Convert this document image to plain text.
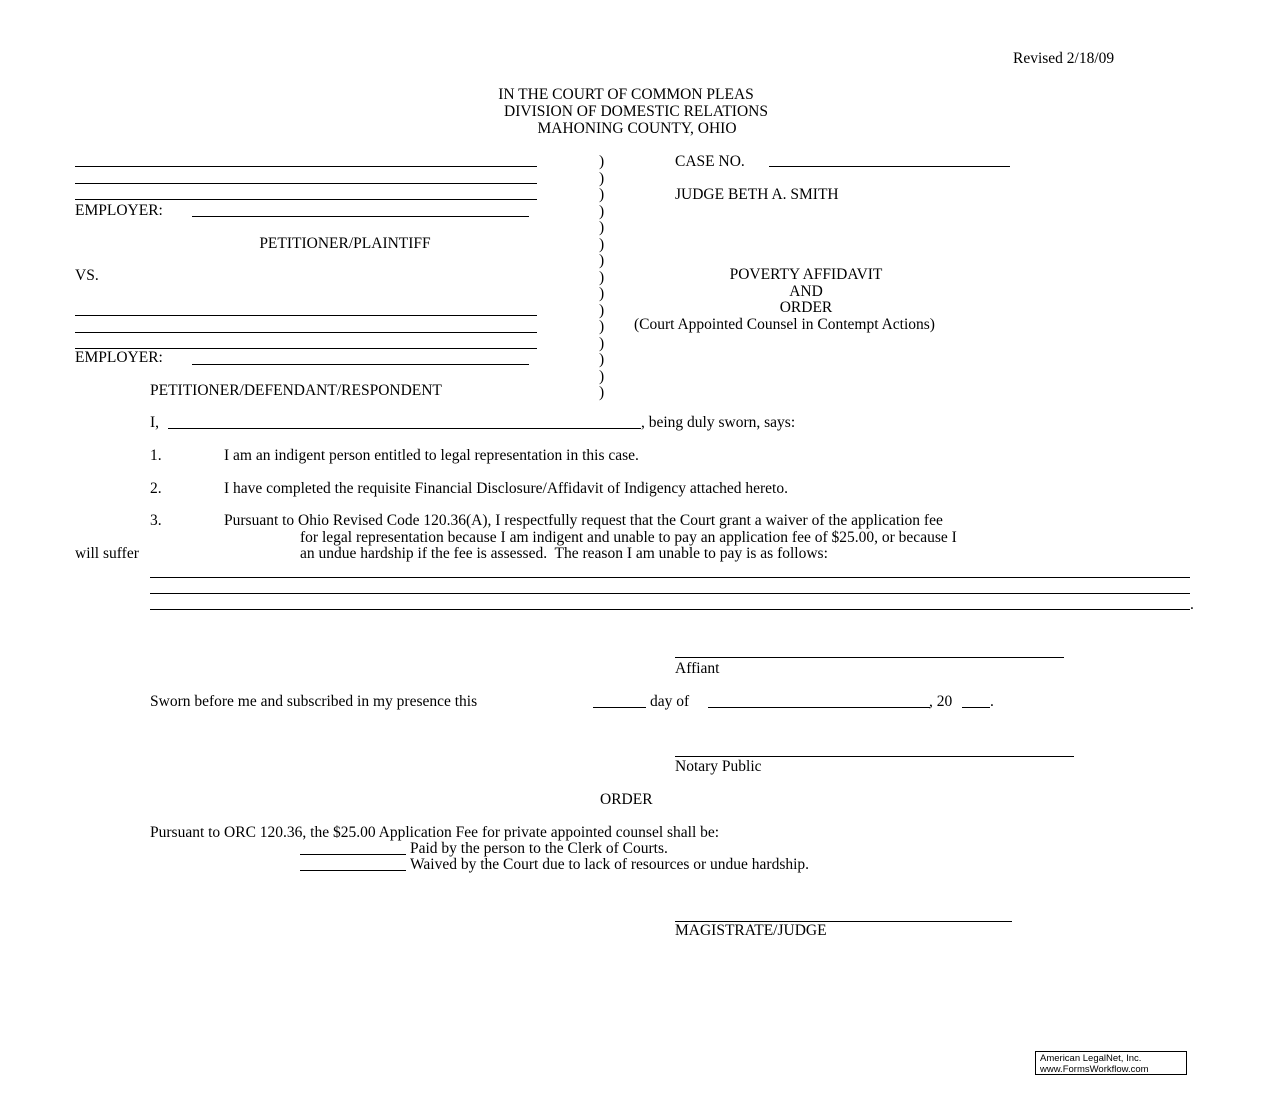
Revised 2/18/09
IN THE COURT OF COMMON PLEAS
DIVISION OF DOMESTIC RELATIONS
MAHONING COUNTY, OHIO
EMPLOYER:
PETITIONER/PLAINTIFF
VS.
EMPLOYER:
PETITIONER/DEFENDANT/RESPONDENT
)
)
)
)
)
)
)
)
)
)
)
)
)
)
)
CASE NO.
JUDGE BETH A. SMITH
POVERTY AFFIDAVIT
AND
ORDER
(Court Appointed Counsel in Contempt Actions)
I,	, being duly sworn, says:
1.	I am an indigent person entitled to legal representation in this case.
2.	I have completed the requisite Financial Disclosure/Affidavit of Indigency attached hereto.
3.	Pursuant to Ohio Revised Code 120.36(A), I respectfully request that the Court grant a waiver of the application fee
for legal representation because I am indigent and unable to pay an application fee of $25.00, or because I
will suffer	an undue hardship if the fee is assessed.  The reason I am unable to pay is as follows:
.
Affiant
Sworn before me and subscribed in my presence this	day of	, 20 .
Notary Public
ORDER
Pursuant to ORC 120.36, the $25.00 Application Fee for private appointed counsel shall be:
Paid by the person to the Clerk of Courts.
Waived by the Court due to lack of resources or undue hardship.
MAGISTRATE/JUDGE
American LegalNet, Inc.
www.FormsWorkflow.com
